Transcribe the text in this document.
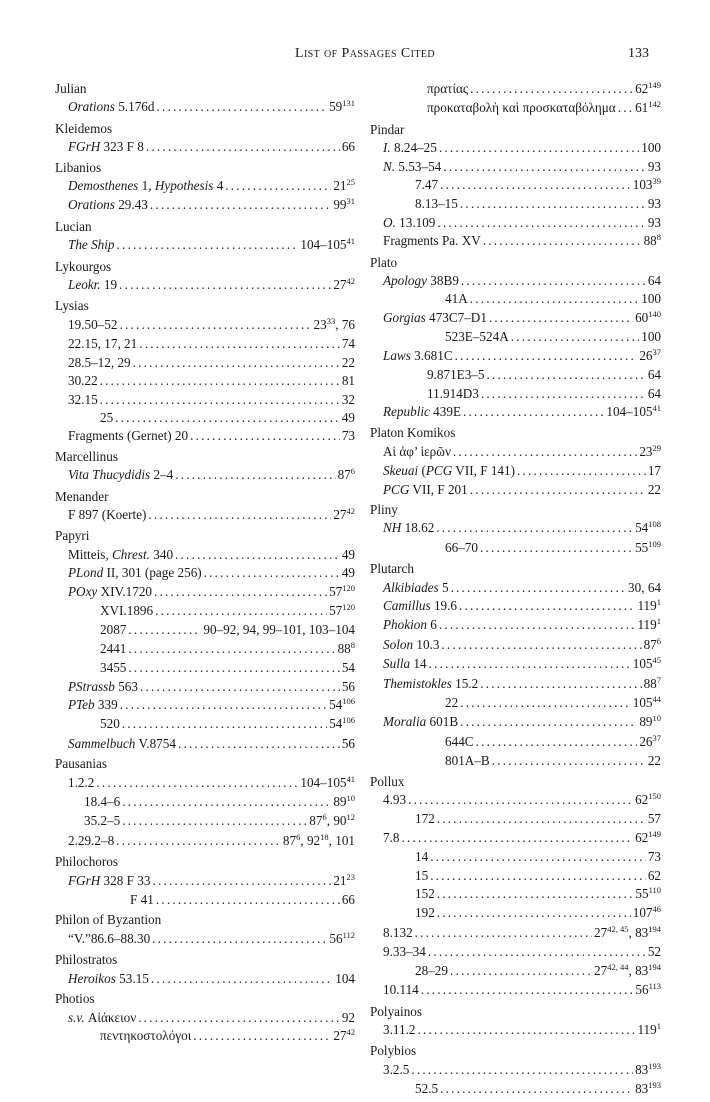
List of Passages Cited	133
Julian
Orations 5.176d .....	$59^{131}$
Kleidemos
FGrH 323 F 8 .....	66
Libanios
Demosthenes 1, Hypothesis 4 .....	$21^{25}$
Orations 29.43 .....	$99^{31}$
Lucian
The Ship .....	$104-105^{41}$
Lykourgos
Leokr. 19 .....	$27^{42}$
Lysias
19.50–52 .....	$23^{33}$, 76
22.15, 17, 21 .....	74
28.5–12, 29 .....	22
30.22 .....	81
32.15 .....	32
25 .....	49
Fragments (Gernet) 20 .....	73
Marcellinus
Vita Thucydidis 2–4 .....	$87^6$
Menander
F 897 (Koerte) .....	$27^{42}$
Papyri
Mitteis, Chrest. 340 .....	49
PLond II, 301 (page 256) .....	49
POxy XIV.1720 .....	$57^{120}$
XVI.1896 .....	$57^{120}$
2087 .....	90–92, 94, 99–101, 103–104
2441 .....	$88^8$
3455 .....	54
PStrassb 563 .....	56
PTeb 339 .....	$54^{106}$
520 .....	$54^{106}$
Sammelbuch V.8754 .....	56
Pausanias
1.2.2 .....	$104-105^{41}$
18.4–6 .....	$89^{10}$
35.2–5 .....	$87^6$, $90^{12}$
2.29.2–8 .....	$87^6$, $92^{18}$, 101
Philochoros
FGrH 328 F 33 .....	$21^{23}$
F 41 .....	66
Philon of Byzantion
“V.”86.6–88.30 .....	$56^{112}$
Philostratos
Heroikos 53.15 .....	104
Photios
s.v. Αἰάκειον .....	92
πεντηκοστολόγοι .....	$27^{42}$
πρατίας .....	$62^{149}$
προκαταβολὴ καὶ προσκαταβόλημα ..... $61^{142}$
Pindar
I. 8.24–25 .....	100
N. 5.53–54 .....	93
7.47 .....	$103^{39}$
8.13–15 .....	93
O. 13.109 .....	93
Fragments Pa. XV .....	$88^8$
Plato
Apology 38B9 .....	64
41A .....	100
Gorgias 473C7–D1 .....	$60^{140}$
523E–524A .....	100
Laws 3.681C .....	$26^{37}$
9.871E3–5 .....	64
11.914D3 .....	64
Republic 439E .....	$104-105^{41}$
Platon Komikos
Αἱ ἀφ’ ἱερῶν .....	$23^{29}$
Skeuai (PCG VII, F 141) .....	17
PCG VII, F 201 .....	22
Pliny
NH 18.62 .....	$54^{108}$
66–70 .....	$55^{109}$
Plutarch
Alkibiades 5 .....	30, 64
Camillus 19.6 .....	$119^1$
Phokion 6 .....	$119^1$
Solon 10.3 .....	$87^6$
Sulla 14 .....	$105^{45}$
Themistokles 15.2 .....	$88^7$
22 .....	$105^{44}$
Moralia 601B .....	$89^{10}$
644C .....	$26^{37}$
801A–B .....	22
Pollux
4.93 .....	$62^{150}$
172 .....	57
7.8 .....	$62^{149}$
14 .....	73
15 .....	62
152 .....	$55^{110}$
192 .....	$107^{46}$
8.132 .....	27$^{42, 45}$, $83^{194}$
9.33–34 .....	52
28–29 .....	27$^{42, 44}$, $83^{194}$
10.114 .....	$56^{113}$
Polyainos
3.11.2 .....	$119^1$
Polybios
3.2.5 .....	$83^{193}$
52.5 .....	$83^{193}$
